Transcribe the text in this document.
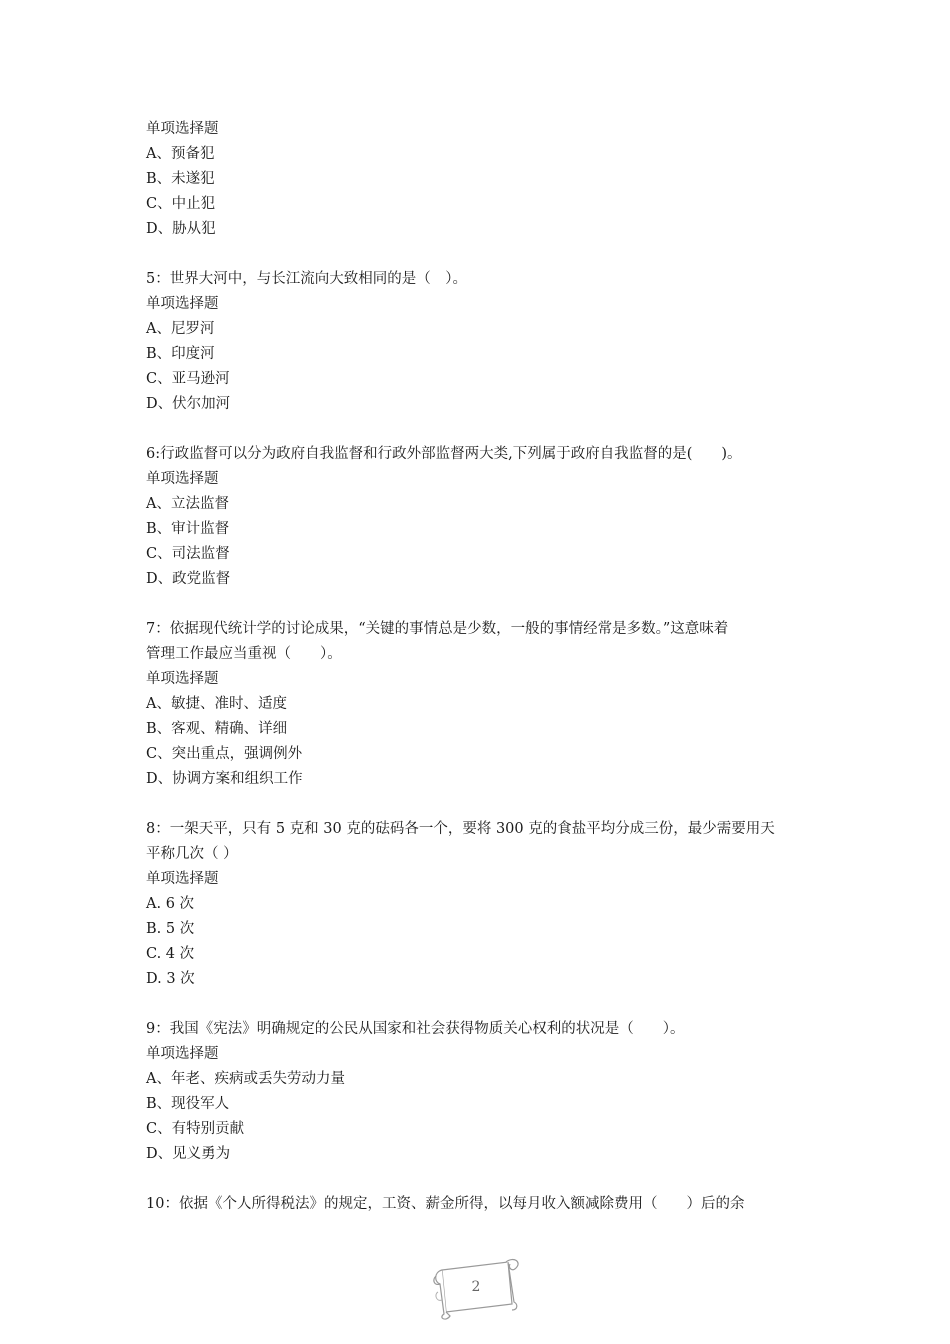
单项选择题

A、预备犯

B、未遂犯

C、中止犯

D、胁从犯

5：世界大河中，与长江流向大致相同的是（　）。

单项选择题

A、尼罗河

B、印度河

C、亚马逊河

D、伏尔加河

6:行政监督可以分为政府自我监督和行政外部监督两大类,下列属于政府自我监督的是(　　)。

单项选择题

A、立法监督

B、审计监督

C、司法监督

D、政党监督

7：依据现代统计学的讨论成果，“关键的事情总是少数，一般的事情经常是多数。”这意味着

管理工作最应当重视（　　）。

单项选择题

A、敏捷、准时、适度

B、客观、精确、详细

C、突出重点，强调例外

D、协调方案和组织工作

8：一架天平，只有 5 克和 30 克的砝码各一个，要将 300 克的食盐平均分成三份，最少需要用天

平称几次（ ）

单项选择题

A. 6 次

B. 5 次

C. 4 次

D. 3 次

9：我国《宪法》明确规定的公民从国家和社会获得物质关心权利的状况是（　　）。

单项选择题

A、年老、疾病或丢失劳动力量

B、现役军人

C、有特别贡献

D、见义勇为

10：依据《个人所得税法》的规定，工资、薪金所得，以每月收入额减除费用（　　）后的余

2
